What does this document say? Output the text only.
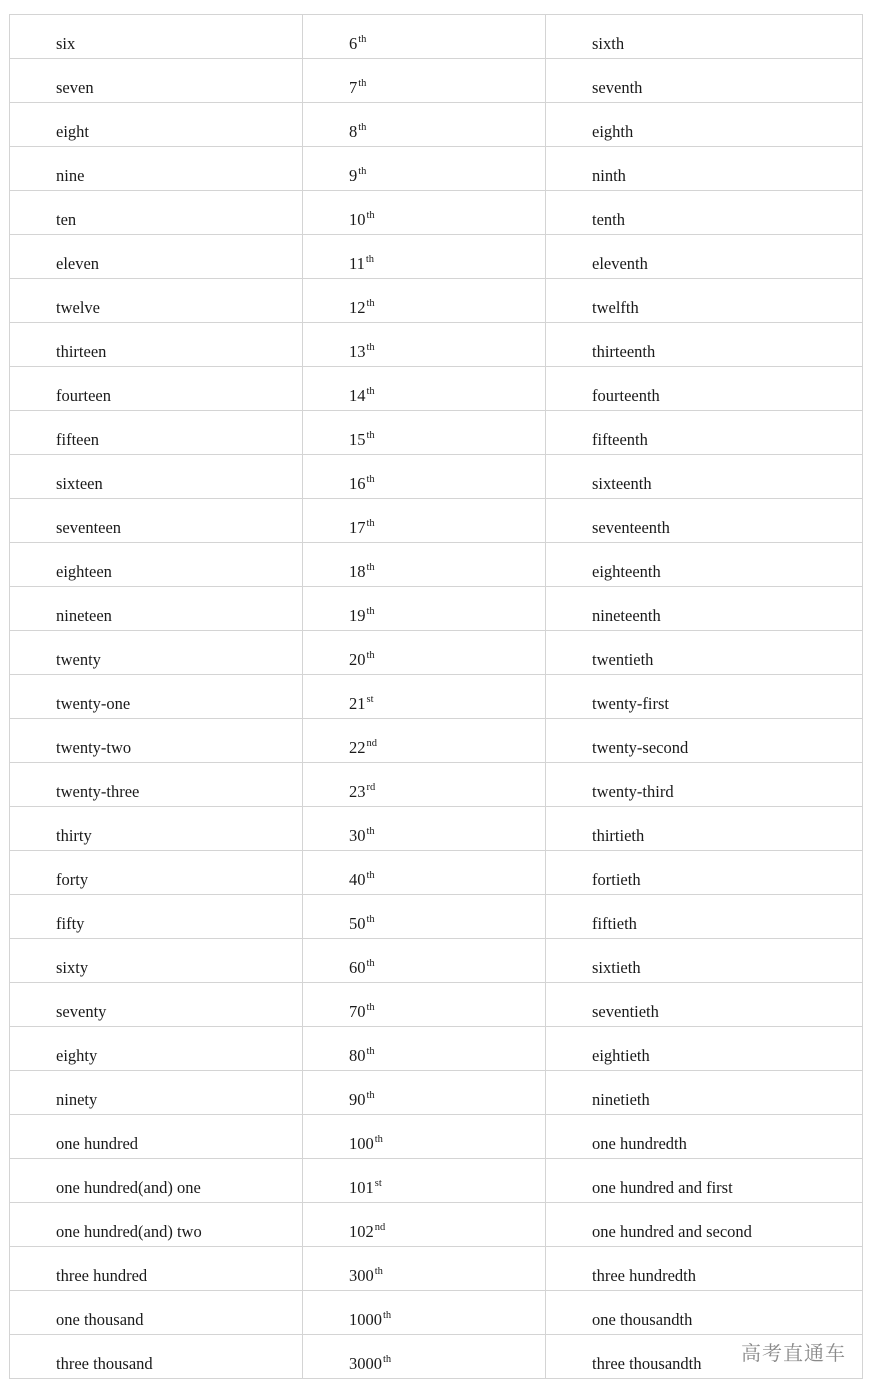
six	6th	sixth

seven	7th	seventh

eight	8th	eighth

nine	9th	ninth

ten	10th	tenth

eleven	11th	eleventh

twelve	12th	twelfth

thirteen	13th	thirteenth

fourteen	14th	fourteenth

fifteen	15th	fifteenth

sixteen	16th	sixteenth

seventeen	17th	seventeenth

eighteen	18th	eighteenth

nineteen	19th	nineteenth

twenty	20th	twentieth

twenty-one	21st	twenty-first

twenty-two	22nd	twenty-second

twenty-three	23rd	twenty-third

thirty	30th	thirtieth

forty	40th	fortieth

fifty	50th	fiftieth

sixty	60th	sixtieth

seventy	70th	seventieth

eighty	80th	eightieth

ninety	90th	ninetieth

one hundred	100th	one hundredth

one hundred(and) one	101st	one hundred and first

one hundred(and) two	102nd	one hundred and second

three hundred	300th	three hundredth

one thousand	1000th	one thousandth

three thousand	3000th	three thousandth	高考直通车
